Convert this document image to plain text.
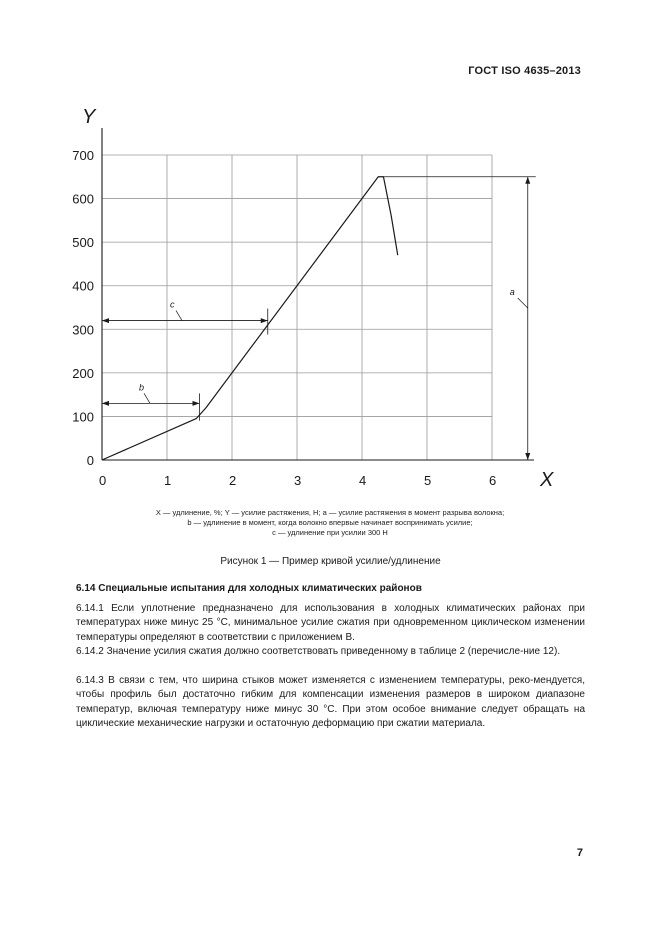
ГОСТ ISO 4635–2013
0	1	2	3	4	5	6
0
100
200
300
400
500
600
700
a
b
c
Y
X
X — удлинение, %; Y — усилие растяжения, Н; a — усилие растяжения в момент разрыва волокна;
b — удлинение в момент, когда волокно впервые начинает воспринимать усилие;
c — удлинение при усилии 300 Н
Рисунок 1 — Пример кривой усилие/удлинение
6.14 Специальные испытания для холодных климатических районов
6.14.1 Если уплотнение предназначено для использования в холодных климатических районах при температурах ниже минус 25 °С, минимальное усилие сжатия при одновременном циклическом изменении температуры определяют в соответствии с приложением В.
6.14.2 Значение усилия сжатия должно соответствовать приведенному в таблице 2 (перечисле-ние 12).
6.14.3 В связи с тем, что ширина стыков может изменяется с изменением температуры, реко-мендуется, чтобы профиль был достаточно гибким для компенсации изменения размеров в широком диапазоне температур, включая температуру ниже минус 30 °С. При этом особое внимание следует обращать на циклические механические нагрузки и остаточную деформацию при сжатии материала.
7
